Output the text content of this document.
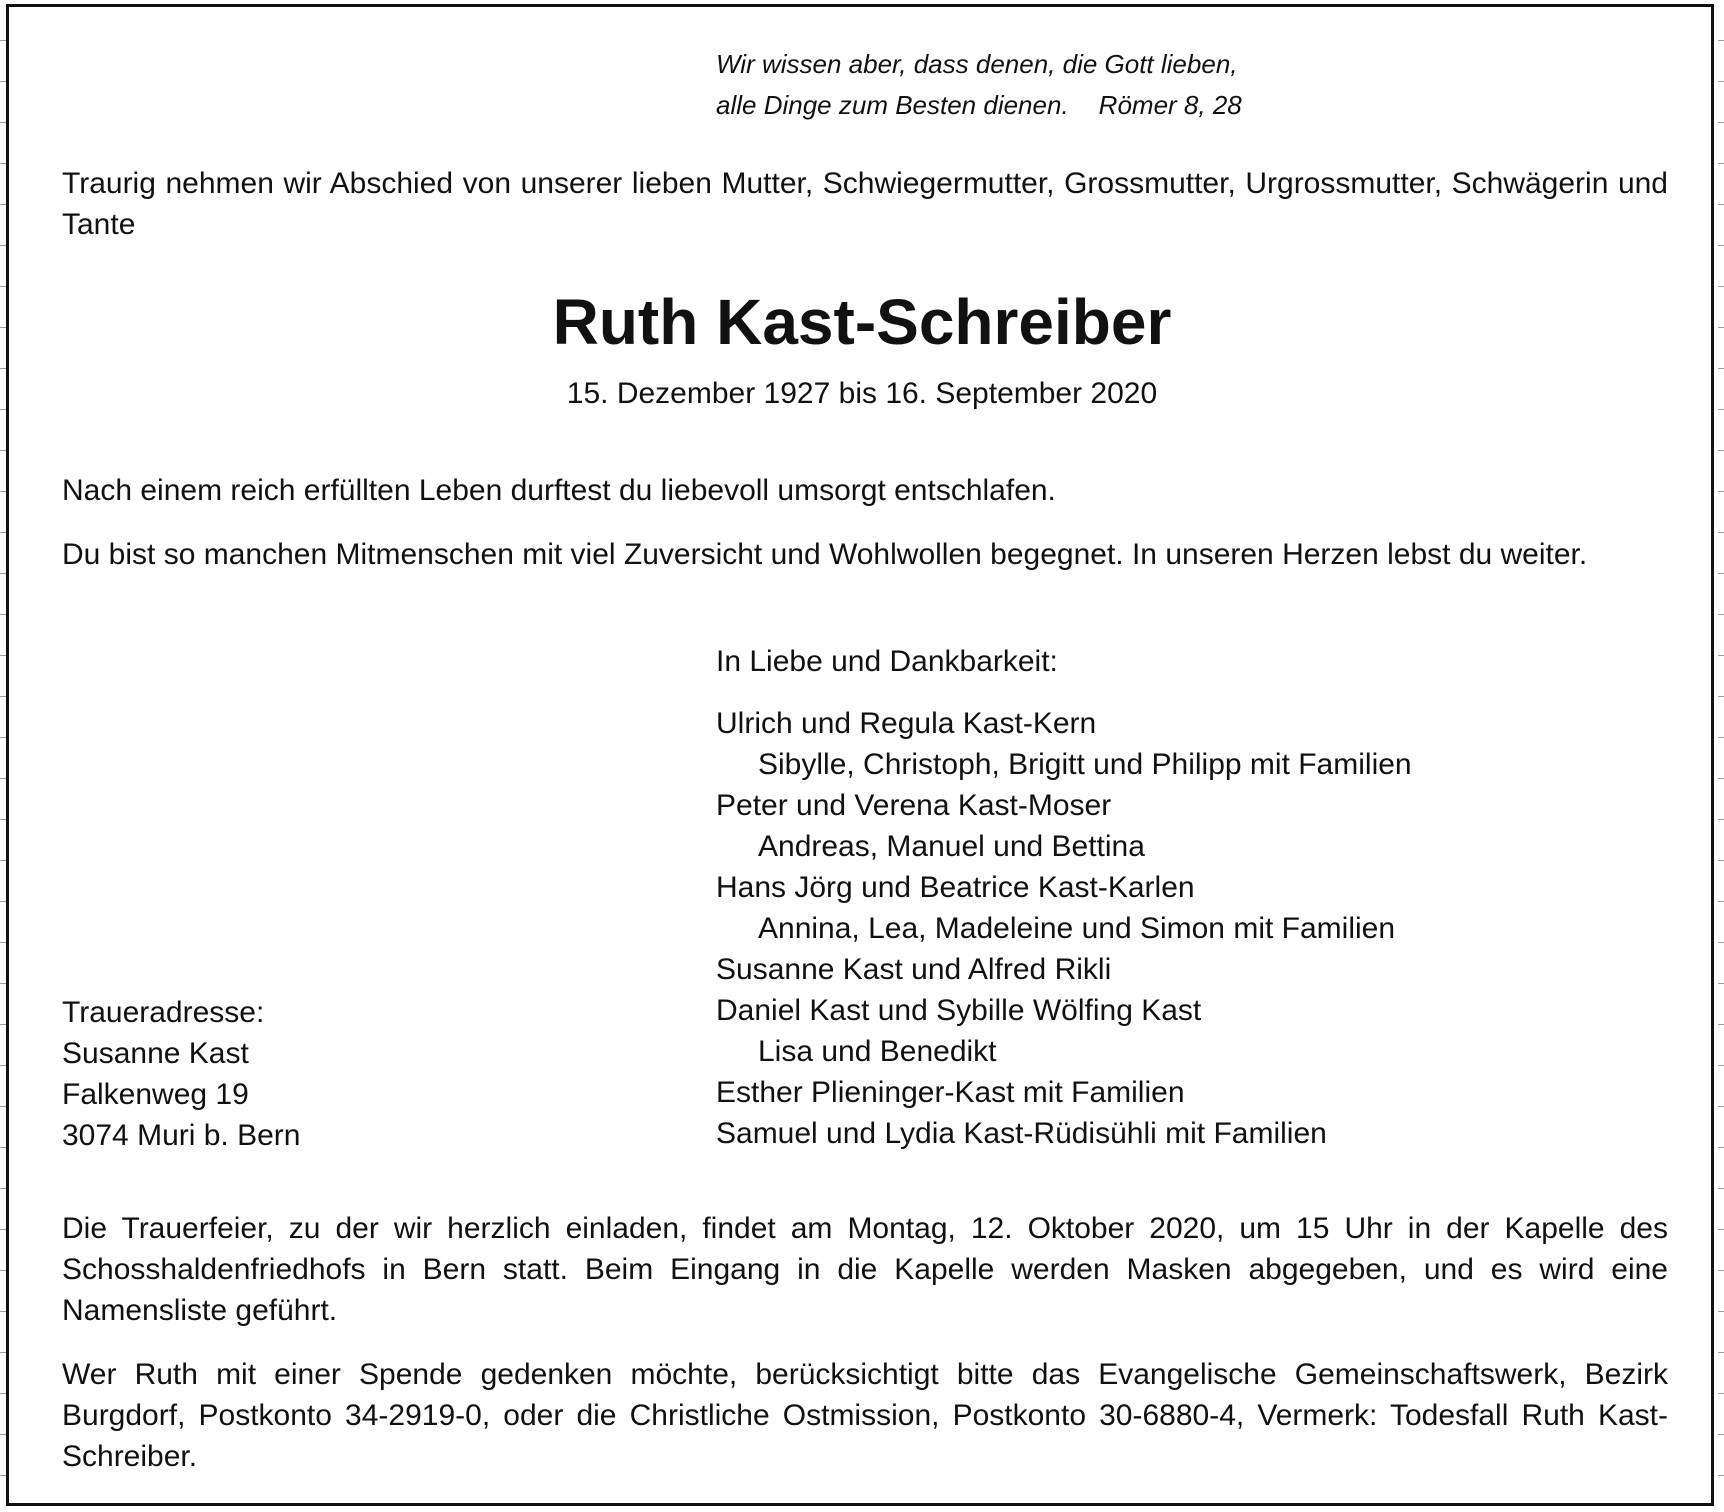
Wir wissen aber, dass denen, die Gott lieben,
alle Dinge zum Besten dienen. Römer 8, 28

Traurig nehmen wir Abschied von unserer lieben Mutter, Schwiegermutter, Grossmutter, Urgrossmutter, Schwägerin und Tante

Ruth Kast-Schreiber
15. Dezember 1927 bis 16. September 2020

Nach einem reich erfüllten Leben durftest du liebevoll umsorgt entschlafen.

Du bist so manchen Mitmenschen mit viel Zuversicht und Wohlwollen begegnet. In unseren Herzen lebst du weiter.

In Liebe und Dankbarkeit:
Ulrich und Regula Kast-Kern
Sibylle, Christoph, Brigitt und Philipp mit Familien
Peter und Verena Kast-Moser
Andreas, Manuel und Bettina
Hans Jörg und Beatrice Kast-Karlen
Annina, Lea, Madeleine und Simon mit Familien
Susanne Kast und Alfred Rikli
Daniel Kast und Sybille Wölfing Kast
Lisa und Benedikt
Esther Plieninger-Kast mit Familien
Samuel und Lydia Kast-Rüdisühli mit Familien
Traueradresse:
Susanne Kast
Falkenweg 19
3074 Muri b. Bern

Die Trauerfeier, zu der wir herzlich einladen, findet am Montag, 12. Oktober 2020, um 15 Uhr in der Kapelle des Schosshaldenfriedhofs in Bern statt. Beim Eingang in die Kapelle werden Masken abgegeben, und es wird eine Namensliste geführt.

Wer Ruth mit einer Spende gedenken möchte, berücksichtigt bitte das Evangelische Gemeinschaftswerk, Bezirk Burgdorf, Postkonto 34-2919-0, oder die Christliche Ostmission, Postkonto 30-6880-4, Vermerk: Todesfall Ruth Kast-Schreiber.
